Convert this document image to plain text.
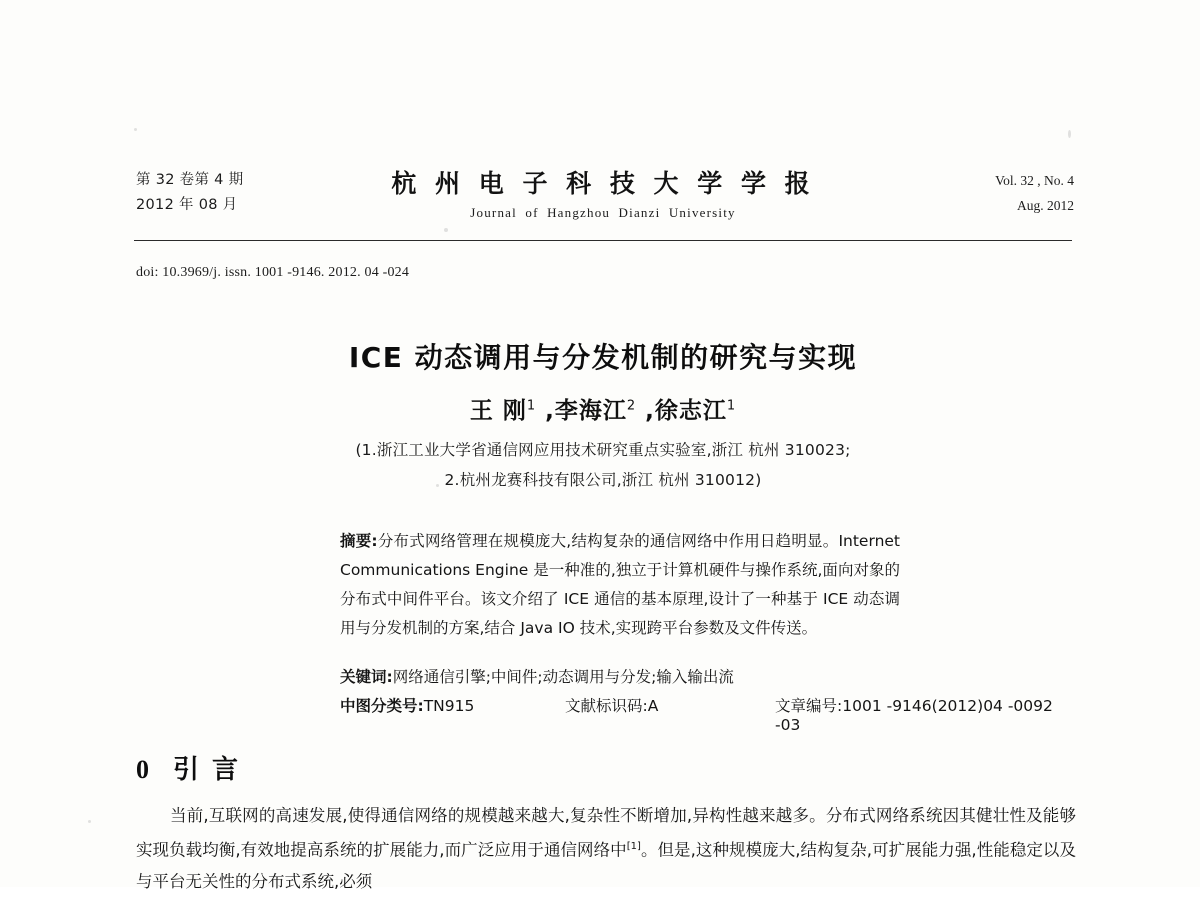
第 32 卷第 4 期
2012 年 08 月
杭 州 电 子 科 技 大 学 学 报
Journal of Hangzhou Dianzi University
Vol. 32 , No. 4
Aug. 2012
doi: 10.3969/j. issn. 1001 -9146. 2012. 04 -024
ICE 动态调用与分发机制的研究与实现
王 刚$^1$ ,李海江$^2$ ,徐志江$^1$
(1.浙江工业大学省通信网应用技术研究重点实验室,浙江 杭州 310023;
2.杭州龙赛科技有限公司,浙江 杭州 310012)
摘要:分布式网络管理在规模庞大,结构复杂的通信网络中作用日趋明显。Internet Communications Engine 是一种准的,独立于计算机硬件与操作系统,面向对象的分布式中间件平台。该文介绍了 ICE 通信的基本原理,设计了一种基于 ICE 动态调用与分发机制的方案,结合 Java IO 技术,实现跨平台参数及文件传送。
关键词:网络通信引擎;中间件;动态调用与分发;输入输出流
中图分类号:TN915	文献标识码:A	文章编号:1001 -9146(2012)04 -0092 -03
0 引 言
当前,互联网的高速发展,使得通信网络的规模越来越大,复杂性不断增加,异构性越来越多。分布式网络系统因其健壮性及能够实现负载均衡,有效地提高系统的扩展能力,而广泛应用于通信网络中[1]。但是,这种规模庞大,结构复杂,可扩展能力强,性能稳定以及与平台无关性的分布式系统,必须
